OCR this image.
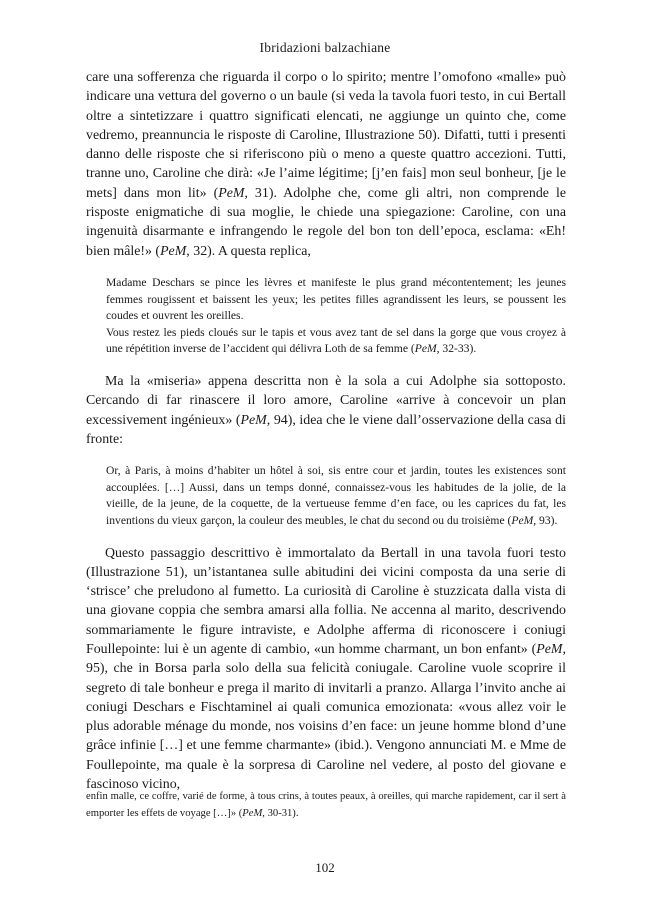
Ibridazioni balzachiane

care una sofferenza che riguarda il corpo o lo spirito; mentre l’omofono «malle» può indicare una vettura del governo o un baule (si veda la tavola fuori testo, in cui Bertall oltre a sintetizzare i quattro significati elencati, ne aggiunge un quinto che, come vedremo, preannuncia le risposte di Caroline, Illustrazione 50). Difatti, tutti i presenti danno delle risposte che si riferiscono più o meno a queste quattro accezioni. Tutti, tranne uno, Caroline che dirà: «Je l’aime légitime; [j’en fais] mon seul bonheur, [je le mets] dans mon lit» (PeM, 31). Adolphe che, come gli altri, non comprende le risposte enigmatiche di sua moglie, le chiede una spiegazione: Caroline, con una ingenuità disarmante e infrangendo le regole del bon ton dell’epoca, esclama: «Eh! bien mâle!» (PeM, 32). A questa replica,

Madame Deschars se pince les lèvres et manifeste le plus grand mécontentement; les jeunes femmes rougissent et baissent les yeux; les petites filles agrandissent les leurs, se poussent les coudes et ouvrent les oreilles.

Vous restez les pieds cloués sur le tapis et vous avez tant de sel dans la gorge que vous croyez à une répétition inverse de l’accident qui délivra Loth de sa femme (PeM, 32-33).

Ma la «miseria» appena descritta non è la sola a cui Adolphe sia sottoposto. Cercando di far rinascere il loro amore, Caroline «arrive à concevoir un plan excessivement ingénieux» (PeM, 94), idea che le viene dall’osservazione della casa di fronte:

Or, à Paris, à moins d’habiter un hôtel à soi, sis entre cour et jardin, toutes les existences sont accouplées. […] Aussi, dans un temps donné, connaissez-vous les habitudes de la jolie, de la vieille, de la jeune, de la coquette, de la vertueuse femme d’en face, ou les caprices du fat, les inventions du vieux garçon, la couleur des meubles, le chat du second ou du troisième (PeM, 93).

Questo passaggio descrittivo è immortalato da Bertall in una tavola fuori testo (Illustrazione 51), un’istantanea sulle abitudini dei vicini composta da una serie di ‘strisce’ che preludono al fumetto. La curiosità di Caroline è stuzzicata dalla vista di una giovane coppia che sembra amarsi alla follia. Ne accenna al marito, descrivendo sommariamente le figure intraviste, e Adolphe afferma di riconoscere i coniugi Foullepointe: lui è un agente di cambio, «un homme charmant, un bon enfant» (PeM, 95), che in Borsa parla solo della sua felicità coniugale. Caroline vuole scoprire il segreto di tale bonheur e prega il marito di invitarli a pranzo. Allarga l’invito anche ai coniugi Deschars e Fischtaminel ai quali comunica emozionata: «vous allez voir le plus adorable ménage du monde, nos voisins d’en face: un jeune homme blond d’une grâce infinie […] et une femme charmante» (ibid.). Vengono annunciati M. e Mme de Foullepointe, ma quale è la sorpresa di Caroline nel vedere, al posto del giovane e fascinoso vicino,

enfin malle, ce coffre, varié de forme, à tous crins, à toutes peaux, à oreilles, qui marche rapidement, car il sert à emporter les effets de voyage […]» (PeM, 30-31).
102
